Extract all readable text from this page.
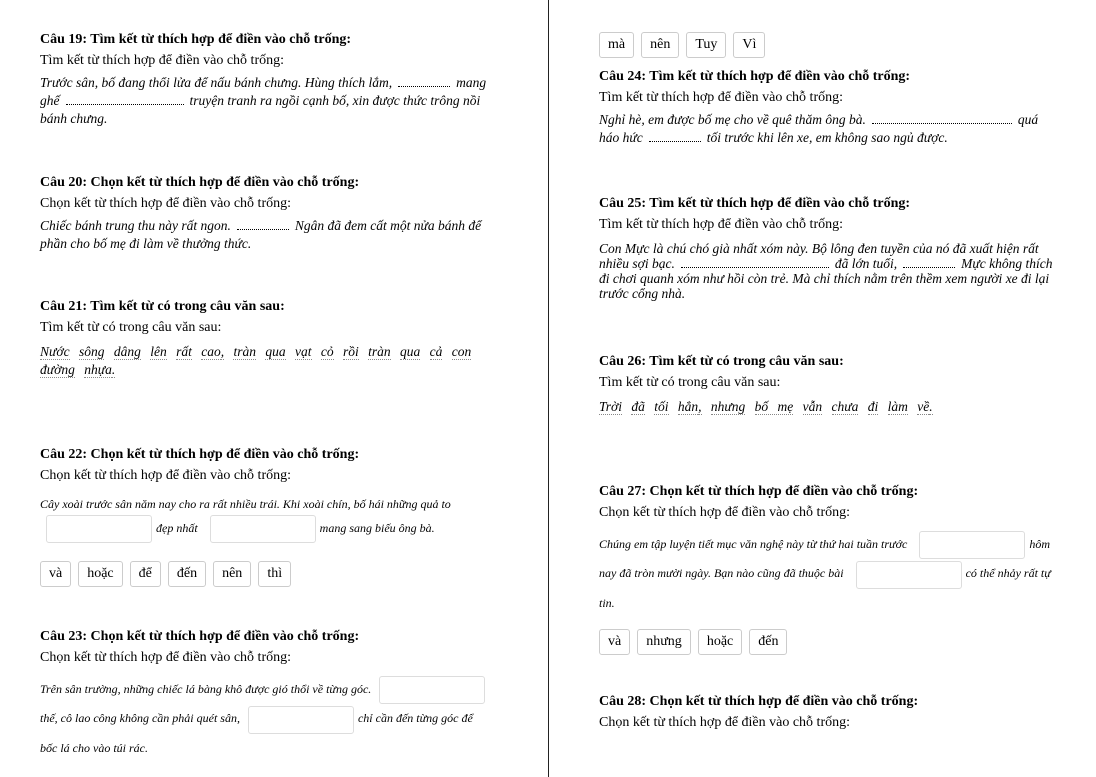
Câu 19: Tìm kết từ thích hợp để điền vào chỗ trống:
Tìm kết từ thích hợp để điền vào chỗ trống:
Trước sân, bố đang thổi lửa để nấu bánh chưng. Hùng thích lắm,	mang
ghế	truyện tranh ra ngồi cạnh bố, xin được thức trông nồi
bánh chưng.
Câu 20: Chọn kết từ thích hợp để điền vào chỗ trống:
Chọn kết từ thích hợp để điền vào chỗ trống:
Chiếc bánh trung thu này rất ngon.	Ngân đã đem cất một nửa bánh để
phần cho bố mẹ đi làm về thưởng thức.
Câu 21: Tìm kết từ có trong câu văn sau:
Tìm kết từ có trong câu văn sau:
Nước sông dâng lên rất cao, tràn qua vạt cỏ rồi tràn qua cả con
đường nhựa.
Câu 22: Chọn kết từ thích hợp để điền vào chỗ trống:
Chọn kết từ thích hợp để điền vào chỗ trống:
Cây xoài trước sân năm nay cho ra rất nhiều trái. Khi xoài chín, bố hái những quả to
đẹp nhất	mang sang biếu ông bà.
và	hoặc	để	đến	nên	thì
Câu 23: Chọn kết từ thích hợp để điền vào chỗ trống:
Chọn kết từ thích hợp để điền vào chỗ trống:
Trên sân trường, những chiếc lá bàng khô được gió thổi về từng góc.
thế, cô lao công không cần phải quét sân,	chỉ cần đến từng góc để
bốc lá cho vào túi rác.
mà	nên	Tuy	Vì
Câu 24: Tìm kết từ thích hợp để điền vào chỗ trống:
Tìm kết từ thích hợp để điền vào chỗ trống:
Nghỉ hè, em được bố mẹ cho về quê thăm ông bà.	quá
háo hức	tối trước khi lên xe, em không sao ngủ được.
Câu 25: Tìm kết từ thích hợp để điền vào chỗ trống:
Tìm kết từ thích hợp để điền vào chỗ trống:
Con Mực là chú chó già nhất xóm này. Bộ lông đen tuyền của nó đã xuất hiện rất
nhiều sợi bạc.	đã lớn tuổi,	Mực không thích
đi chơi quanh xóm như hồi còn trẻ. Mà chỉ thích nằm trên thềm xem người xe đi lại
trước cổng nhà.
Câu 26: Tìm kết từ có trong câu văn sau:
Tìm kết từ có trong câu văn sau:
Trời đã tối hẳn, nhưng bố mẹ vẫn chưa đi làm về.
Câu 27: Chọn kết từ thích hợp để điền vào chỗ trống:
Chọn kết từ thích hợp để điền vào chỗ trống:
Chúng em tập luyện tiết mục văn nghệ này từ thứ hai tuần trước	hôm
nay đã tròn mười ngày. Bạn nào cũng đã thuộc bài	có thể nhảy rất tự
tin.
và	nhưng	hoặc	đến
Câu 28: Chọn kết từ thích hợp để điền vào chỗ trống:
Chọn kết từ thích hợp để điền vào chỗ trống:
